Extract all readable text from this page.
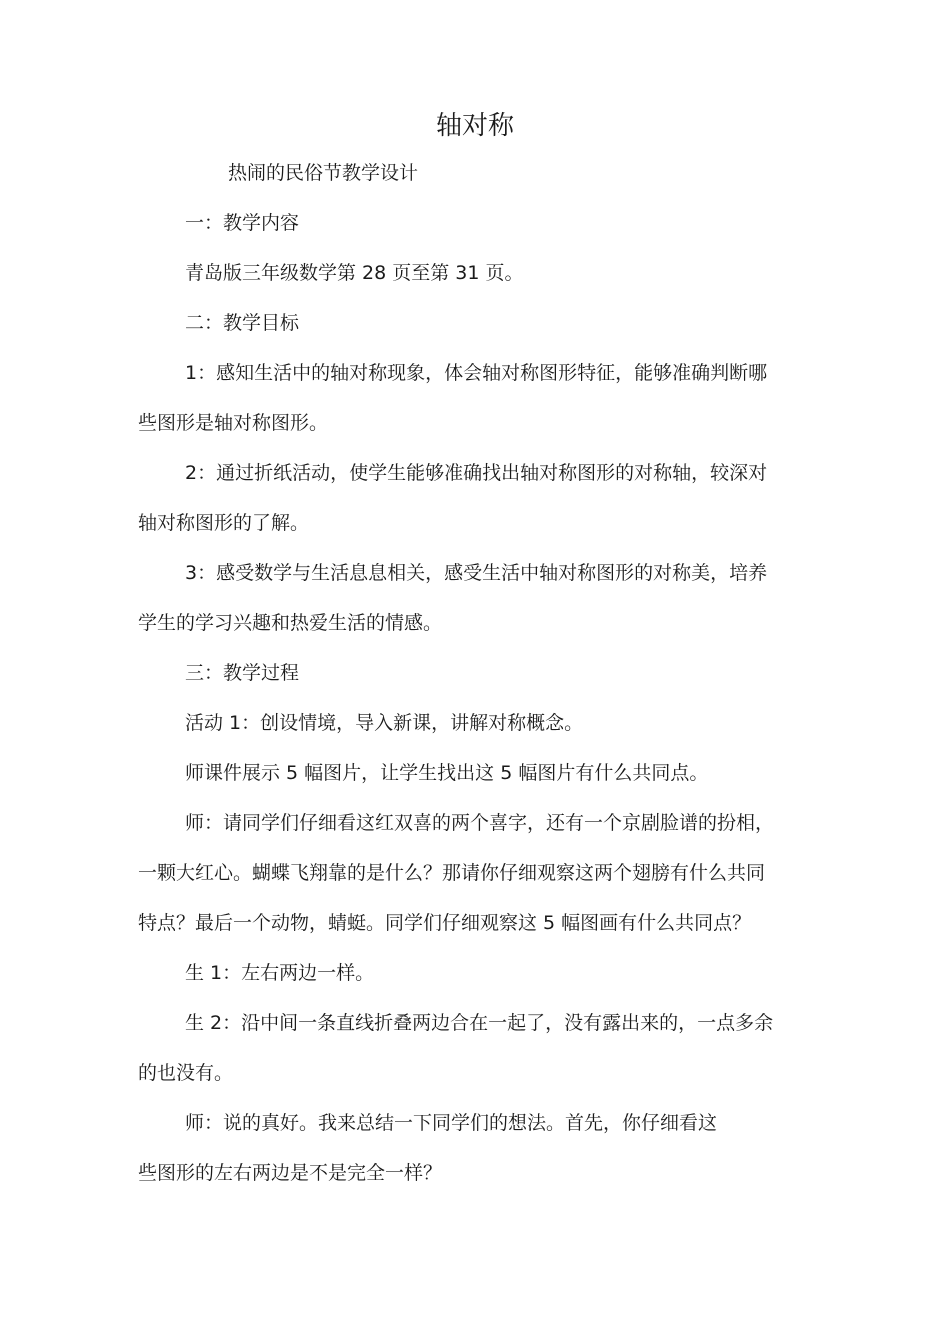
轴对称
热闹的民俗节教学设计
一：教学内容
青岛版三年级数学第 28 页至第 31 页。
二：教学目标
1：感知生活中的轴对称现象，体会轴对称图形特征，能够准确判断哪
些图形是轴对称图形。
2：通过折纸活动，使学生能够准确找出轴对称图形的对称轴，较深对
轴对称图形的了解。
3：感受数学与生活息息相关，感受生活中轴对称图形的对称美，培养
学生的学习兴趣和热爱生活的情感。
三：教学过程
活动 1：创设情境，导入新课，讲解对称概念。
师课件展示 5 幅图片，让学生找出这 5 幅图片有什么共同点。
师：请同学们仔细看这红双喜的两个喜字，还有一个京剧脸谱的扮相，
一颗大红心。蝴蝶飞翔靠的是什么？那请你仔细观察这两个翅膀有什么共同
特点？最后一个动物，蜻蜓。同学们仔细观察这 5 幅图画有什么共同点？
生 1：左右两边一样。
生 2：沿中间一条直线折叠两边合在一起了，没有露出来的，一点多余
的也没有。
师：说的真好。我来总结一下同学们的想法。首先，你仔细看这
些图形的左右两边是不是完全一样？
